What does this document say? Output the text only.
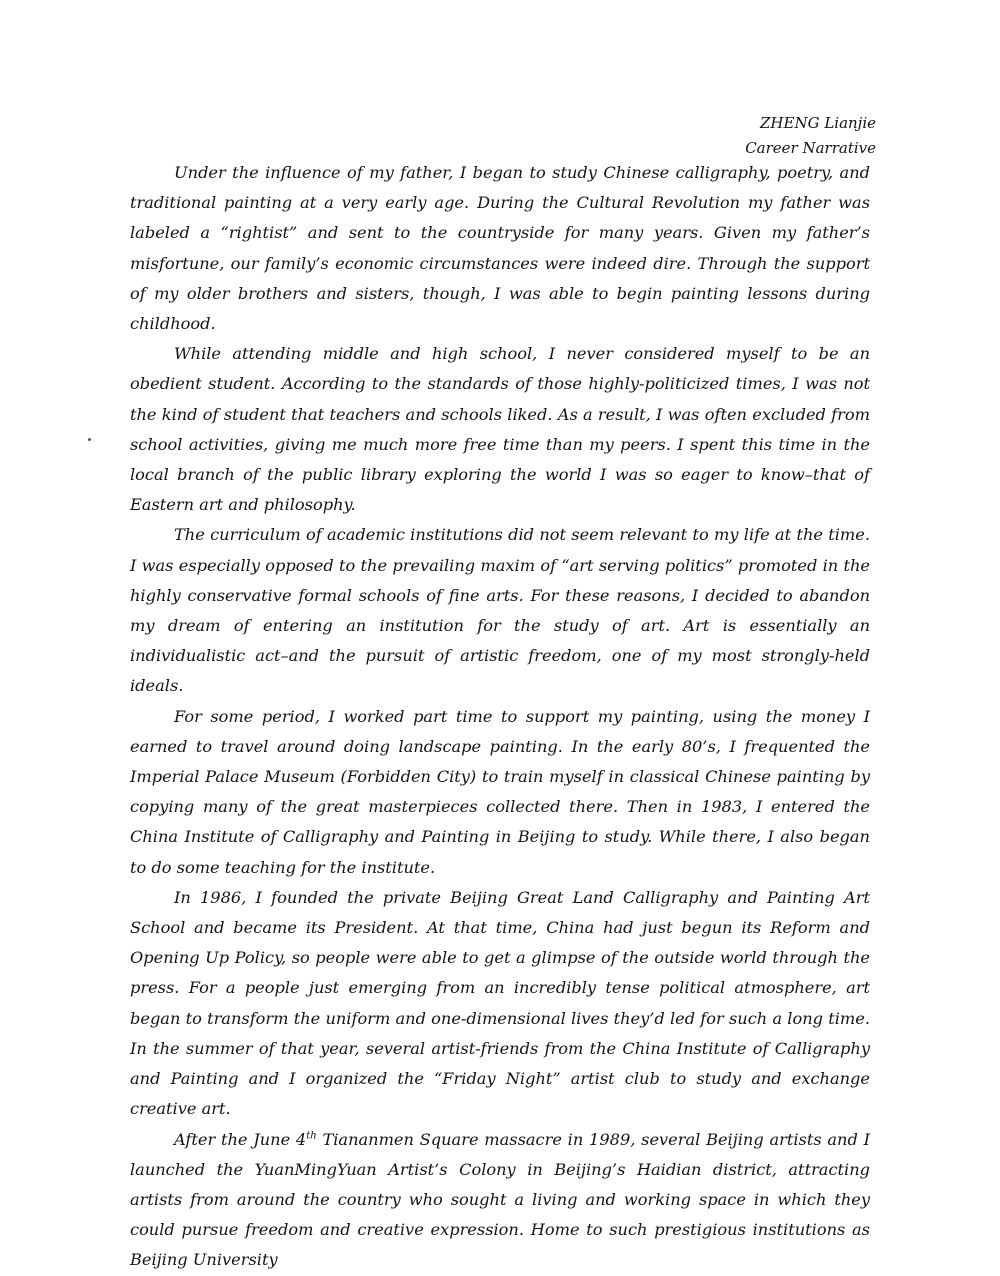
ZHENG Lianjie
Career Narrative

Under the influence of my father, I began to study Chinese calligraphy, poetry, and traditional painting at a very early age. During the Cultural Revolution my father was labeled a “rightist” and sent to the countryside for many years. Given my father’s misfortune, our family’s economic circumstances were indeed dire. Through the support of my older brothers and sisters, though, I was able to begin painting lessons during childhood.

While attending middle and high school, I never considered myself to be an obedient student. According to the standards of those highly-politicized times, I was not the kind of student that teachers and schools liked. As a result, I was often excluded from school activities, giving me much more free time than my peers. I spent this time in the local branch of the public library exploring the world I was so eager to know–that of Eastern art and philosophy.

The curriculum of academic institutions did not seem relevant to my life at the time. I was especially opposed to the prevailing maxim of “art serving politics” promoted in the highly conservative formal schools of fine arts. For these reasons, I decided to abandon my dream of entering an institution for the study of art. Art is essentially an individualistic act–and the pursuit of artistic freedom, one of my most strongly-held ideals.

For some period, I worked part time to support my painting, using the money I earned to travel around doing landscape painting. In the early 80’s, I frequented the Imperial Palace Museum (Forbidden City) to train myself in classical Chinese painting by copying many of the great masterpieces collected there. Then in 1983, I entered the China Institute of Calligraphy and Painting in Beijing to study. While there, I also began to do some teaching for the institute.

In 1986, I founded the private Beijing Great Land Calligraphy and Painting Art School and became its President. At that time, China had just begun its Reform and Opening Up Policy, so people were able to get a glimpse of the outside world through the press. For a people just emerging from an incredibly tense political atmosphere, art began to transform the uniform and one-dimensional lives they’d led for such a long time. In the summer of that year, several artist-friends from the China Institute of Calligraphy and Painting and I organized the “Friday Night” artist club to study and exchange creative art.

After the June 4th Tiananmen Square massacre in 1989, several Beijing artists and I launched the YuanMingYuan Artist’s Colony in Beijing’s Haidian district, attracting artists from around the country who sought a living and working space in which they could pursue freedom and creative expression. Home to such prestigious institutions as Beijing University
